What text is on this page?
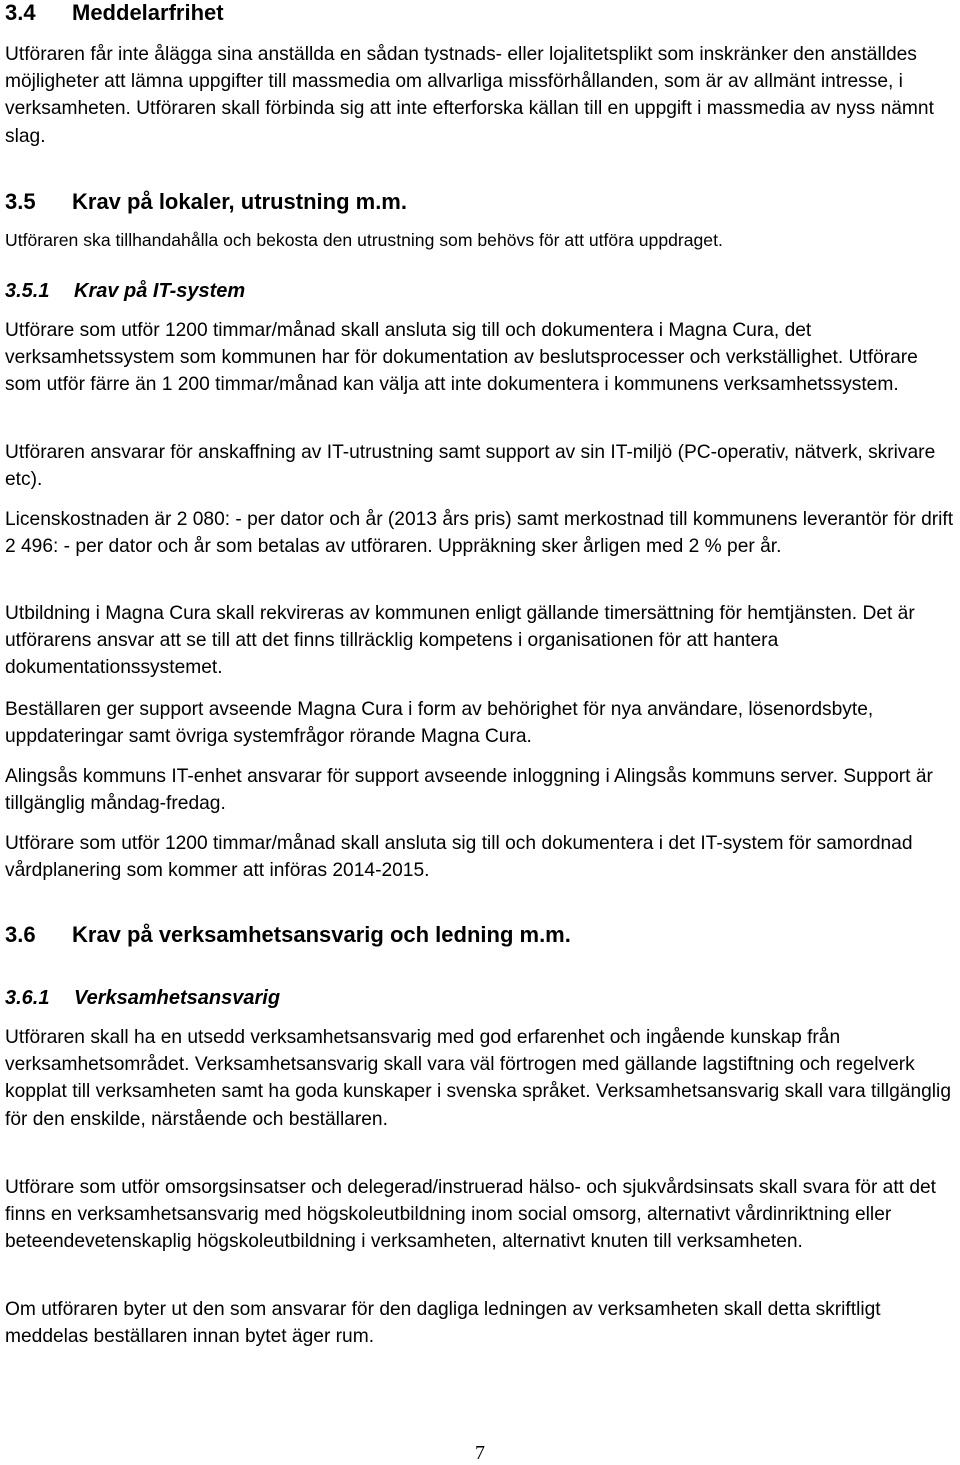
3.4 Meddelarfrihet

Utföraren får inte ålägga sina anställda en sådan tystnads- eller lojalitetsplikt som inskränker den anställdes möjligheter att lämna uppgifter till massmedia om allvarliga missförhållanden, som är av allmänt intresse, i verksamheten. Utföraren skall förbinda sig att inte efterforska källan till en uppgift i massmedia av nyss nämnt slag.

3.5 Krav på lokaler, utrustning m.m.

Utföraren ska tillhandahålla och bekosta den utrustning som behövs för att utföra uppdraget.

3.5.1 Krav på IT-system

Utförare som utför 1200 timmar/månad skall ansluta sig till och dokumentera i Magna Cura, det verksamhetssystem som kommunen har för dokumentation av beslutsprocesser och verkställighet. Utförare som utför färre än 1 200 timmar/månad kan välja att inte dokumentera i kommunens verksamhetssystem.

Utföraren ansvarar för anskaffning av IT-utrustning samt support av sin IT-miljö (PC-operativ, nätverk, skrivare etc).

Licenskostnaden är 2 080: - per dator och år (2013 års pris) samt merkostnad till kommunens leverantör för drift 2 496: - per dator och år som betalas av utföraren. Uppräkning sker årligen med 2 % per år.

Utbildning i Magna Cura skall rekvireras av kommunen enligt gällande timersättning för hemtjänsten. Det är utförarens ansvar att se till att det finns tillräcklig kompetens i organisationen för att hantera dokumentationssystemet.

Beställaren ger support avseende Magna Cura i form av behörighet för nya användare, lösenordsbyte, uppdateringar samt övriga systemfrågor rörande Magna Cura.

Alingsås kommuns IT-enhet ansvarar för support avseende inloggning i Alingsås kommuns server. Support är tillgänglig måndag-fredag.

Utförare som utför 1200 timmar/månad skall ansluta sig till och dokumentera i det IT-system för samordnad vårdplanering som kommer att införas 2014-2015.

3.6 Krav på verksamhetsansvarig och ledning m.m.
3.6.1 Verksamhetsansvarig

Utföraren skall ha en utsedd verksamhetsansvarig med god erfarenhet och ingående kunskap från verksamhetsområdet. Verksamhetsansvarig skall vara väl förtrogen med gällande lagstiftning och regelverk kopplat till verksamheten samt ha goda kunskaper i svenska språket. Verksamhetsansvarig skall vara tillgänglig för den enskilde, närstående och beställaren.

Utförare som utför omsorgsinsatser och delegerad/instruerad hälso- och sjukvårdsinsats skall svara för att det finns en verksamhetsansvarig med högskoleutbildning inom social omsorg, alternativt vårdinriktning eller beteendevetenskaplig högskoleutbildning i verksamheten, alternativt knuten till verksamheten.

Om utföraren byter ut den som ansvarar för den dagliga ledningen av verksamheten skall detta skriftligt meddelas beställaren innan bytet äger rum.

7
